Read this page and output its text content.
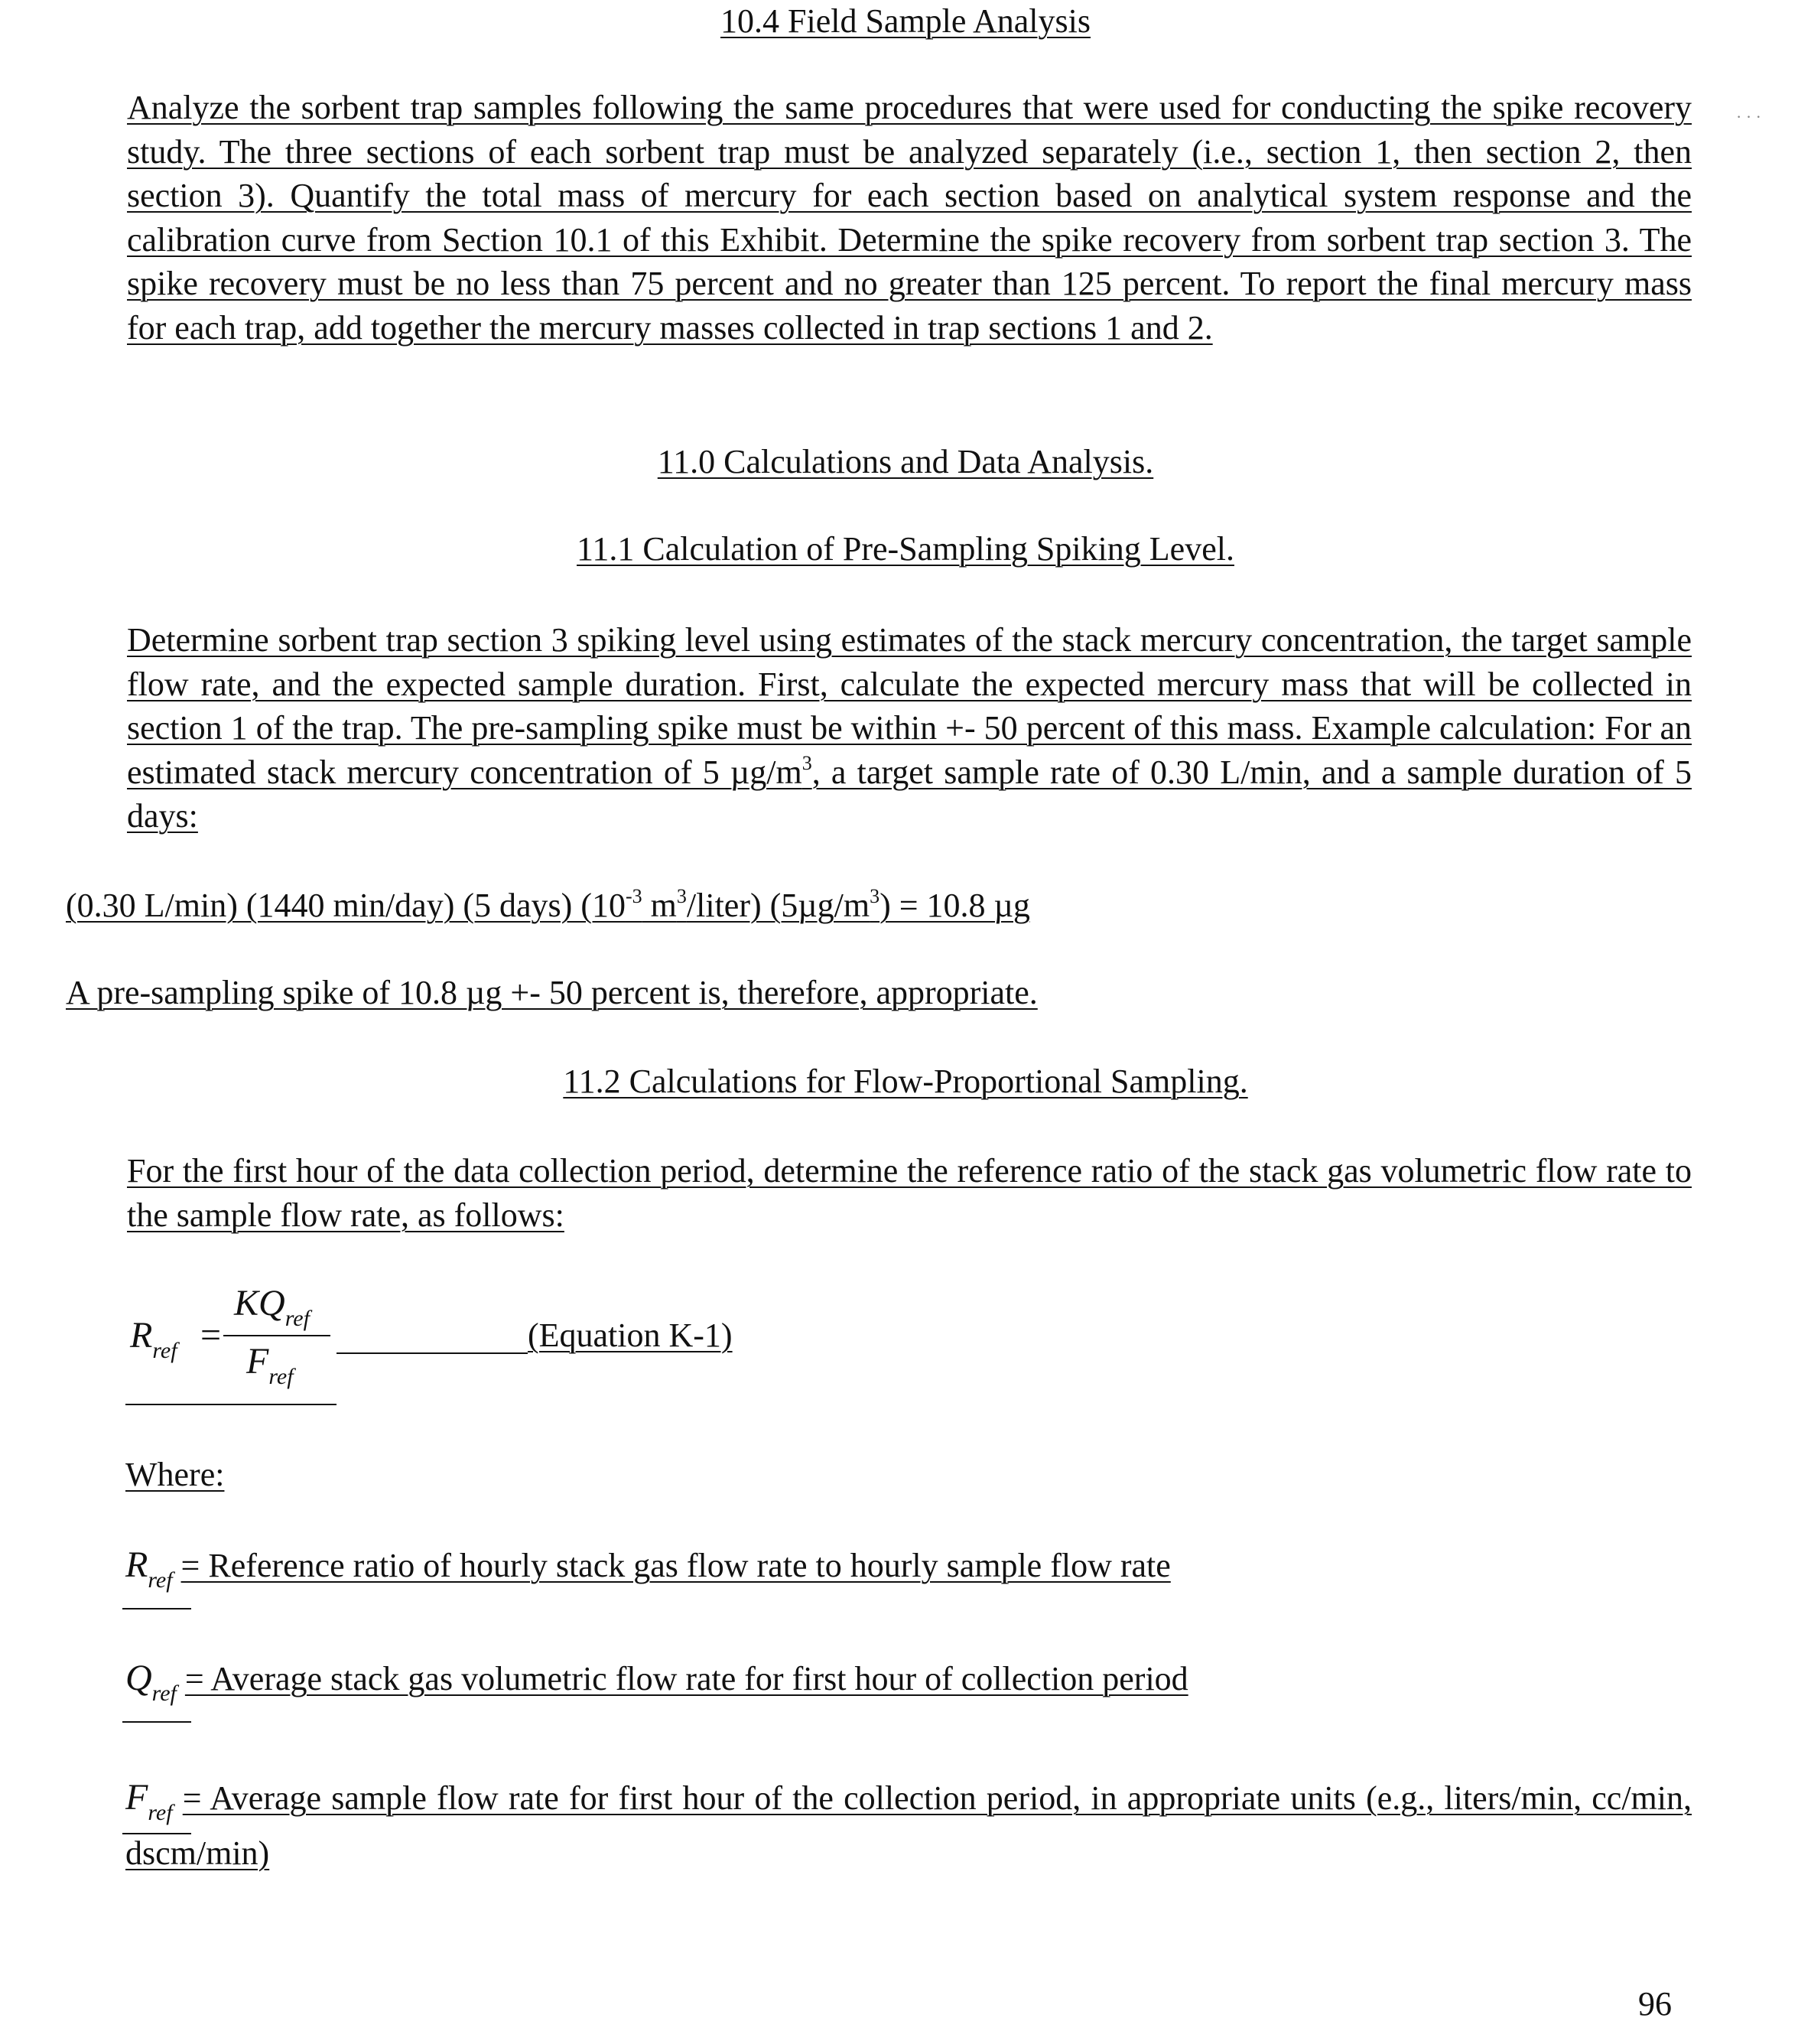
10.4 Field Sample Analysis
Analyze the sorbent trap samples following the same procedures that were used for conducting the spike recovery study. The three sections of each sorbent trap must be analyzed separately (i.e., section 1, then section 2, then section 3). Quantify the total mass of mercury for each section based on analytical system response and the calibration curve from Section 10.1 of this Exhibit. Determine the spike recovery from sorbent trap section 3. The spike recovery must be no less than 75 percent and no greater than 125 percent. To report the final mercury mass for each trap, add together the mercury masses collected in trap sections 1 and 2.
· · ·
11.0 Calculations and Data Analysis.
11.1 Calculation of Pre-Sampling Spiking Level.
Determine sorbent trap section 3 spiking level using estimates of the stack mercury concentration, the target sample flow rate, and the expected sample duration. First, calculate the expected mercury mass that will be collected in section 1 of the trap. The pre-sampling spike must be within +- 50 percent of this mass. Example calculation: For an estimated stack mercury concentration of 5 $\mu g/m^3$, a target sample rate of 0.30 L/min, and a sample duration of 5 days:
(0.30 L/min) (1440 min/day) (5 days) ($10^{-3}$ $m^3/liter$) $(5\mu g/m^3) = 10.8$ µg
A pre-sampling spike of 10.8 µg +- 50 percent is, therefore, appropriate.
11.2 Calculations for Flow-Proportional Sampling.
For the first hour of the data collection period, determine the reference ratio of the stack gas volumetric flow rate to the sample flow rate, as follows:
$R_{ref}$ =
$KQ_{ref}$
$F_{ref}$
(Equation K-1)
Where:
$R_{ref}$ = Reference ratio of hourly stack gas flow rate to hourly sample flow rate
$Q_{ref}$ = Average stack gas volumetric flow rate for first hour of collection period
$F_{ref}$ = Average sample flow rate for first hour of the collection period, in appropriate units (e.g., liters/min, cc/min, dscm/min)
96
